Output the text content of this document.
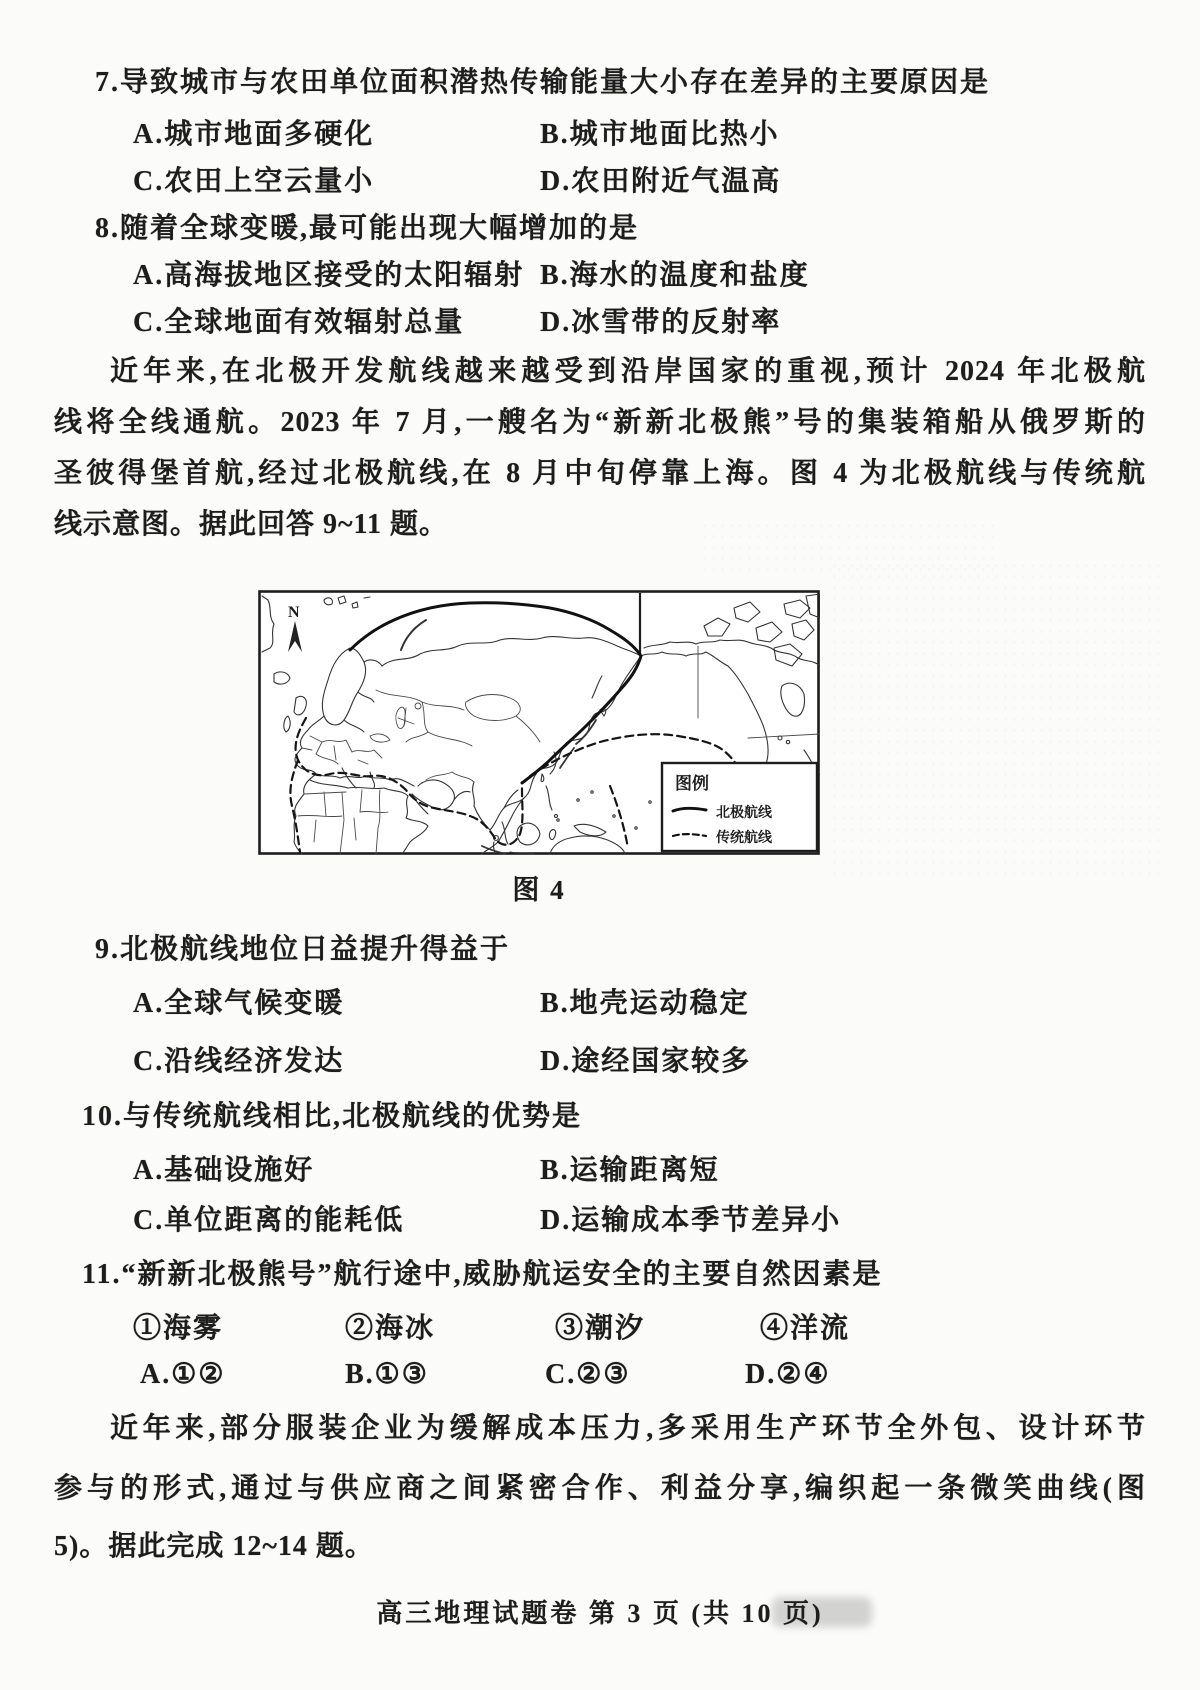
7.导致城市与农田单位面积潜热传输能量大小存在差异的主要原因是
A.城市地面多硬化	B.城市地面比热小
C.农田上空云量小	D.农田附近气温高
8.随着全球变暖,最可能出现大幅增加的是
A.高海拔地区接受的太阳辐射 B.海水的温度和盐度
C.全球地面有效辐射总量	D.冰雪带的反射率
近年来,在北极开发航线越来越受到沿岸国家的重视,预计 2024 年北极航
线将全线通航。2023 年 7 月,一艘名为“新新北极熊”号的集装箱船从俄罗斯的
圣彼得堡首航,经过北极航线,在 8 月中旬停靠上海。图 4 为北极航线与传统航
线示意图。据此回答 9~11 题。
N
图例
北极航线
传统航线
图 4
9.北极航线地位日益提升得益于
A.全球气候变暖	B.地壳运动稳定
C.沿线经济发达	D.途经国家较多
10.与传统航线相比,北极航线的优势是
A.基础设施好	B.运输距离短
C.单位距离的能耗低	D.运输成本季节差异小
11.“新新北极熊号”航行途中,威胁航运安全的主要自然因素是
①海雾	②海冰	③潮汐	④洋流
A.①②	B.①③	C.②③	D.②④
近年来,部分服装企业为缓解成本压力,多采用生产环节全外包、设计环节
参与的形式,通过与供应商之间紧密合作、利益分享,编织起一条微笑曲线(图
5)。据此完成 12~14 题。
高三地理试题卷 第 3 页 (共 10 页)
